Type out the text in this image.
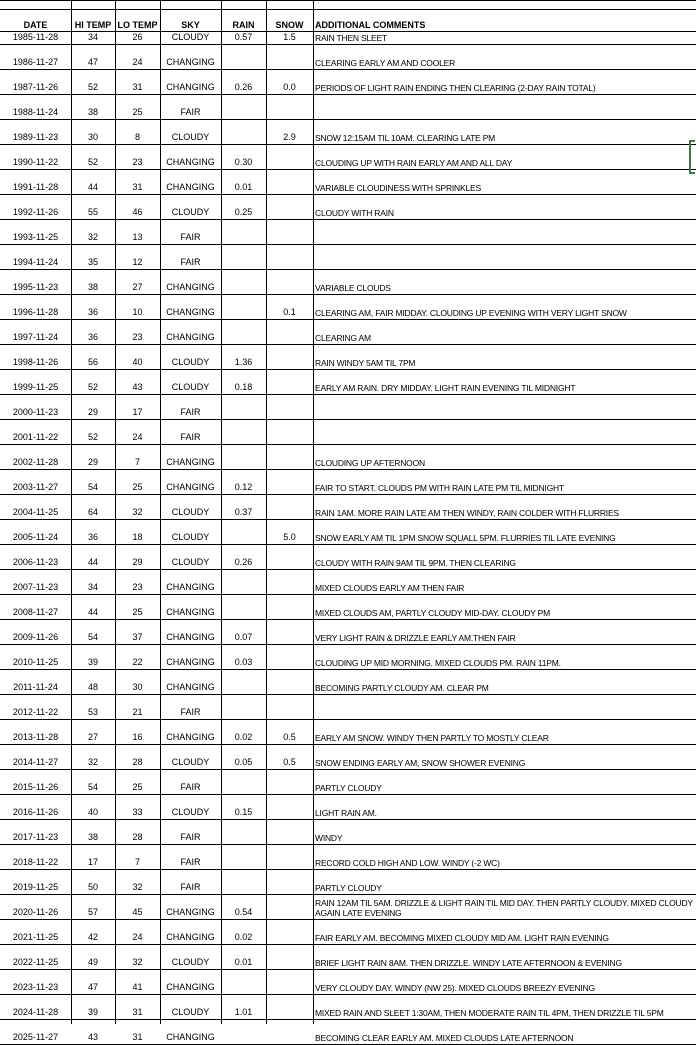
DATE	HI TEMP	LO TEMP	SKY	RAIN	SNOW	ADDITIONAL COMMENTS
1985-11-28	34	26	CLOUDY	0.57	1.5	RAIN THEN SLEET
1986-11-27	47	24	CHANGING			CLEARING EARLY AM AND COOLER
1987-11-26	52	31	CHANGING	0.26	0.0	PERIODS OF LIGHT RAIN ENDING THEN CLEARING (2-DAY RAIN TOTAL)
1988-11-24	38	25	FAIR			
1989-11-23	30	8	CLOUDY		2.9	SNOW 12:15AM TIL 10AM. CLEARING LATE PM
1990-11-22	52	23	CHANGING	0.30		CLOUDING UP WITH RAIN EARLY AM AND ALL DAY
1991-11-28	44	31	CHANGING	0.01		VARIABLE CLOUDINESS WITH SPRINKLES
1992-11-26	55	46	CLOUDY	0.25		CLOUDY WITH RAIN
1993-11-25	32	13	FAIR			
1994-11-24	35	12	FAIR			
1995-11-23	38	27	CHANGING			VARIABLE CLOUDS
1996-11-28	36	10	CHANGING		0.1	CLEARING AM, FAIR MIDDAY. CLOUDING UP EVENING WITH VERY LIGHT SNOW
1997-11-24	36	23	CHANGING			CLEARING AM
1998-11-26	56	40	CLOUDY	1.36		RAIN WINDY 5AM TIL 7PM
1999-11-25	52	43	CLOUDY	0.18		EARLY AM RAIN. DRY MIDDAY. LIGHT RAIN EVENING TIL MIDNIGHT
2000-11-23	29	17	FAIR			
2001-11-22	52	24	FAIR			
2002-11-28	29	7	CHANGING			CLOUDING UP AFTERNOON
2003-11-27	54	25	CHANGING	0.12		FAIR TO START. CLOUDS PM WITH RAIN LATE PM TIL MIDNIGHT
2004-11-25	64	32	CLOUDY	0.37		RAIN 1AM. MORE RAIN LATE AM THEN WINDY, RAIN COLDER WITH FLURRIES
2005-11-24	36	18	CLOUDY		5.0	SNOW EARLY AM TIL 1PM SNOW SQUALL 5PM. FLURRIES TIL LATE EVENING
2006-11-23	44	29	CLOUDY	0.26		CLOUDY WITH RAIN 9AM TIL 9PM. THEN CLEARING
2007-11-23	34	23	CHANGING			MIXED CLOUDS EARLY AM THEN FAIR
2008-11-27	44	25	CHANGING			MIXED CLOUDS AM, PARTLY CLOUDY MID-DAY. CLOUDY PM
2009-11-26	54	37	CHANGING	0.07		VERY LIGHT RAIN & DRIZZLE EARLY AM.THEN FAIR
2010-11-25	39	22	CHANGING	0.03		CLOUDING UP MID MORNING. MIXED CLOUDS PM. RAIN 11PM.
2011-11-24	48	30	CHANGING			BECOMING PARTLY CLOUDY AM. CLEAR PM
2012-11-22	53	21	FAIR			
2013-11-28	27	16	CHANGING	0.02	0.5	EARLY AM SNOW. WINDY THEN PARTLY TO MOSTLY CLEAR
2014-11-27	32	28	CLOUDY	0.05	0.5	SNOW ENDING EARLY AM, SNOW SHOWER EVENING
2015-11-26	54	25	FAIR			PARTLY CLOUDY
2016-11-26	40	33	CLOUDY	0.15		LIGHT RAIN AM.
2017-11-23	38	28	FAIR			WINDY
2018-11-22	17	7	FAIR			RECORD COLD HIGH AND LOW. WINDY (-2 WC)
2019-11-25	50	32	FAIR			PARTLY CLOUDY
2020-11-26	57	45	CHANGING	0.54		RAIN 12AM TIL 5AM. DRIZZLE & LIGHT RAIN TIL MID DAY. THEN PARTLY CLOUDY. MIXED CLOUDY AGAIN LATE EVENING
2021-11-25	42	24	CHANGING	0.02		FAIR EARLY AM. BECOMING MIXED CLOUDY MID AM. LIGHT RAIN EVENING
2022-11-25	49	32	CLOUDY	0.01		BRIEF LIGHT RAIN 8AM. THEN DRIZZLE. WINDY LATE AFTERNOON & EVENING
2023-11-23	47	41	CHANGING			VERY CLOUDY DAY. WINDY (NW 25). MIXED CLOUDS BREEZY EVENING
2024-11-28	39	31	CLOUDY	1.01		MIXED RAIN AND SLEET 1:30AM, THEN MODERATE RAIN TIL 4PM, THEN DRIZZLE TIL 5PM
2025-11-27	43	31	CHANGING			BECOMING CLEAR EARLY AM. MIXED CLOUDS LATE AFTERNOON
